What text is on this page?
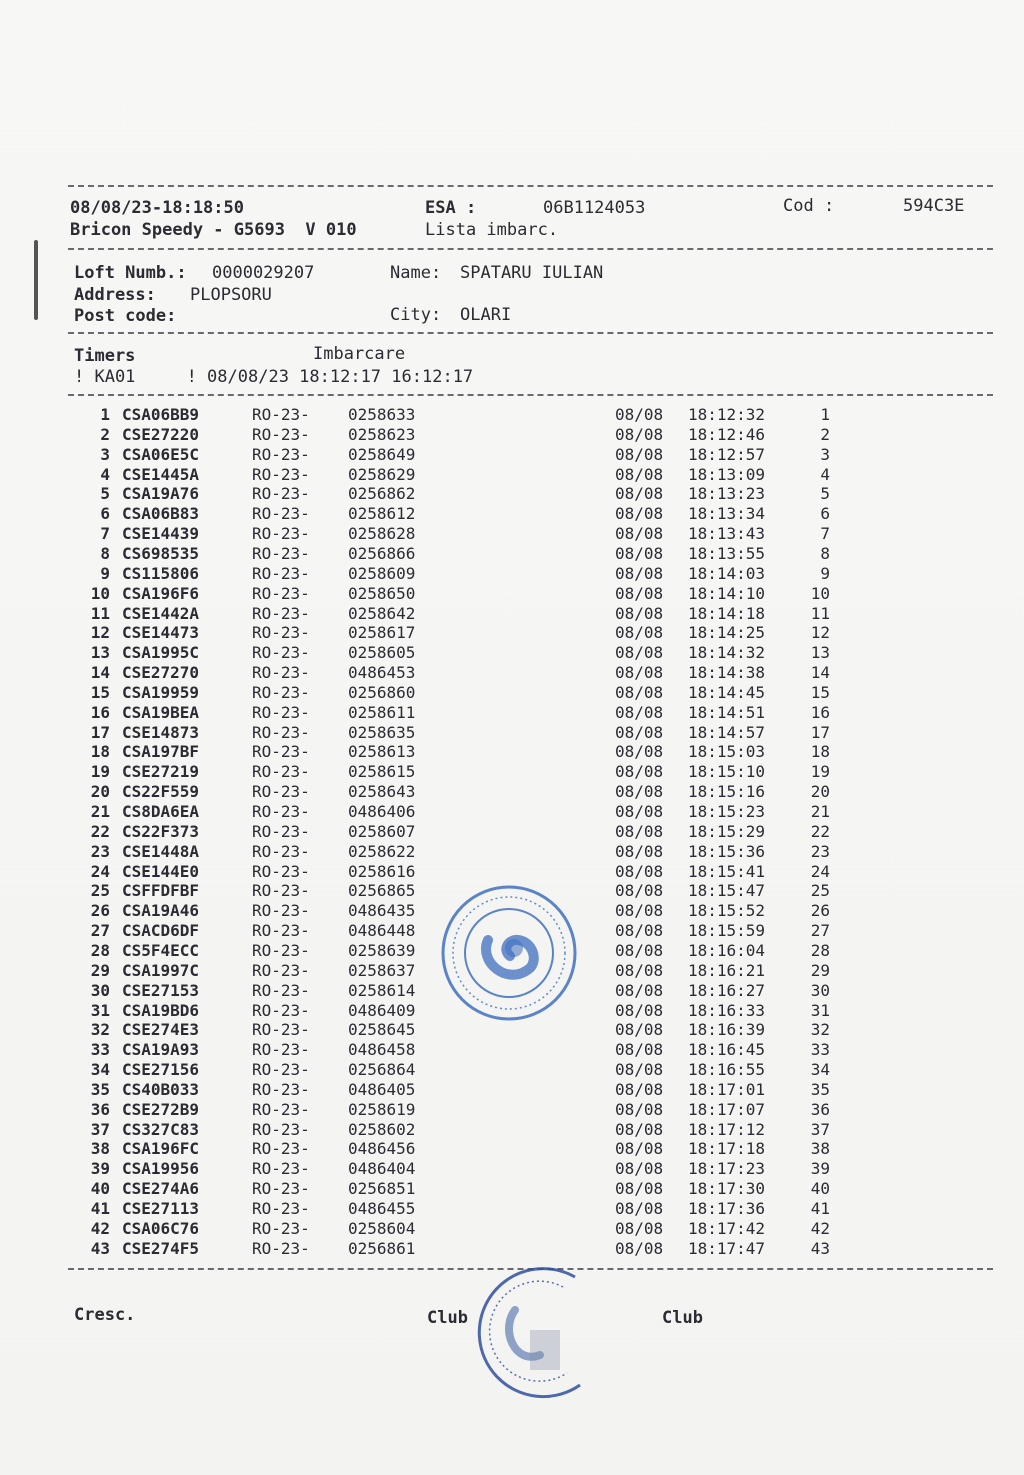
08/08/23-18:18:50	ESA :	06B1124053	Cod :	594C3E
Bricon Speedy - G5693  V 010	Lista imbarc.
Loft Numb.: 0000029207	Name: SPATARU IULIAN
Address: PLOPSORU
Post code:	City: OLARI
Timers	Imbarcare
! KA01     ! 08/08/23 18:12:17 16:12:17
1 CSA06BB9	RO-23- 0258633	08/08 18:12:32	1
2 CSE27220	RO-23- 0258623	08/08 18:12:46	2
3 CSA06E5C	RO-23- 0258649	08/08 18:12:57	3
4 CSE1445A	RO-23- 0258629	08/08 18:13:09	4
5 CSA19A76	RO-23- 0256862	08/08 18:13:23	5
6 CSA06B83	RO-23- 0258612	08/08 18:13:34	6
7 CSE14439	RO-23- 0258628	08/08 18:13:43	7
8 CS698535	RO-23- 0256866	08/08 18:13:55	8
9 CS115806	RO-23- 0258609	08/08 18:14:03	9
10 CSA196F6	RO-23- 0258650	08/08 18:14:10	10
11 CSE1442A	RO-23- 0258642	08/08 18:14:18	11
12 CSE14473	RO-23- 0258617	08/08 18:14:25	12
13 CSA1995C	RO-23- 0258605	08/08 18:14:32	13
14 CSE27270	RO-23- 0486453	08/08 18:14:38	14
15 CSA19959	RO-23- 0256860	08/08 18:14:45	15
16 CSA19BEA	RO-23- 0258611	08/08 18:14:51	16
17 CSE14873	RO-23- 0258635	08/08 18:14:57	17
18 CSA197BF	RO-23- 0258613	08/08 18:15:03	18
19 CSE27219	RO-23- 0258615	08/08 18:15:10	19
20 CS22F559	RO-23- 0258643	08/08 18:15:16	20
21 CS8DA6EA	RO-23- 0486406	08/08 18:15:23	21
22 CS22F373	RO-23- 0258607	08/08 18:15:29	22
23 CSE1448A	RO-23- 0258622	08/08 18:15:36	23
24 CSE144E0	RO-23- 0258616	08/08 18:15:41	24
25 CSFFDFBF	RO-23- 0256865	08/08 18:15:47	25
26 CSA19A46	RO-23- 0486435	08/08 18:15:52	26
27 CSACD6DF	RO-23- 0486448	08/08 18:15:59	27
28 CS5F4ECC	RO-23- 0258639	08/08 18:16:04	28
29 CSA1997C	RO-23- 0258637	08/08 18:16:21	29
30 CSE27153	RO-23- 0258614	08/08 18:16:27	30
31 CSA19BD6	RO-23- 0486409	08/08 18:16:33	31
32 CSE274E3	RO-23- 0258645	08/08 18:16:39	32
33 CSA19A93	RO-23- 0486458	08/08 18:16:45	33
34 CSE27156	RO-23- 0256864	08/08 18:16:55	34
35 CS40B033	RO-23- 0486405	08/08 18:17:01	35
36 CSE272B9	RO-23- 0258619	08/08 18:17:07	36
37 CS327C83	RO-23- 0258602	08/08 18:17:12	37
38 CSA196FC	RO-23- 0486456	08/08 18:17:18	38
39 CSA19956	RO-23- 0486404	08/08 18:17:23	39
40 CSE274A6	RO-23- 0256851	08/08 18:17:30	40
41 CSE27113	RO-23- 0486455	08/08 18:17:36	41
42 CSA06C76	RO-23- 0258604	08/08 18:17:42	42
43 CSE274F5	RO-23- 0256861	08/08 18:17:47	43
Cresc.	Club	Club
